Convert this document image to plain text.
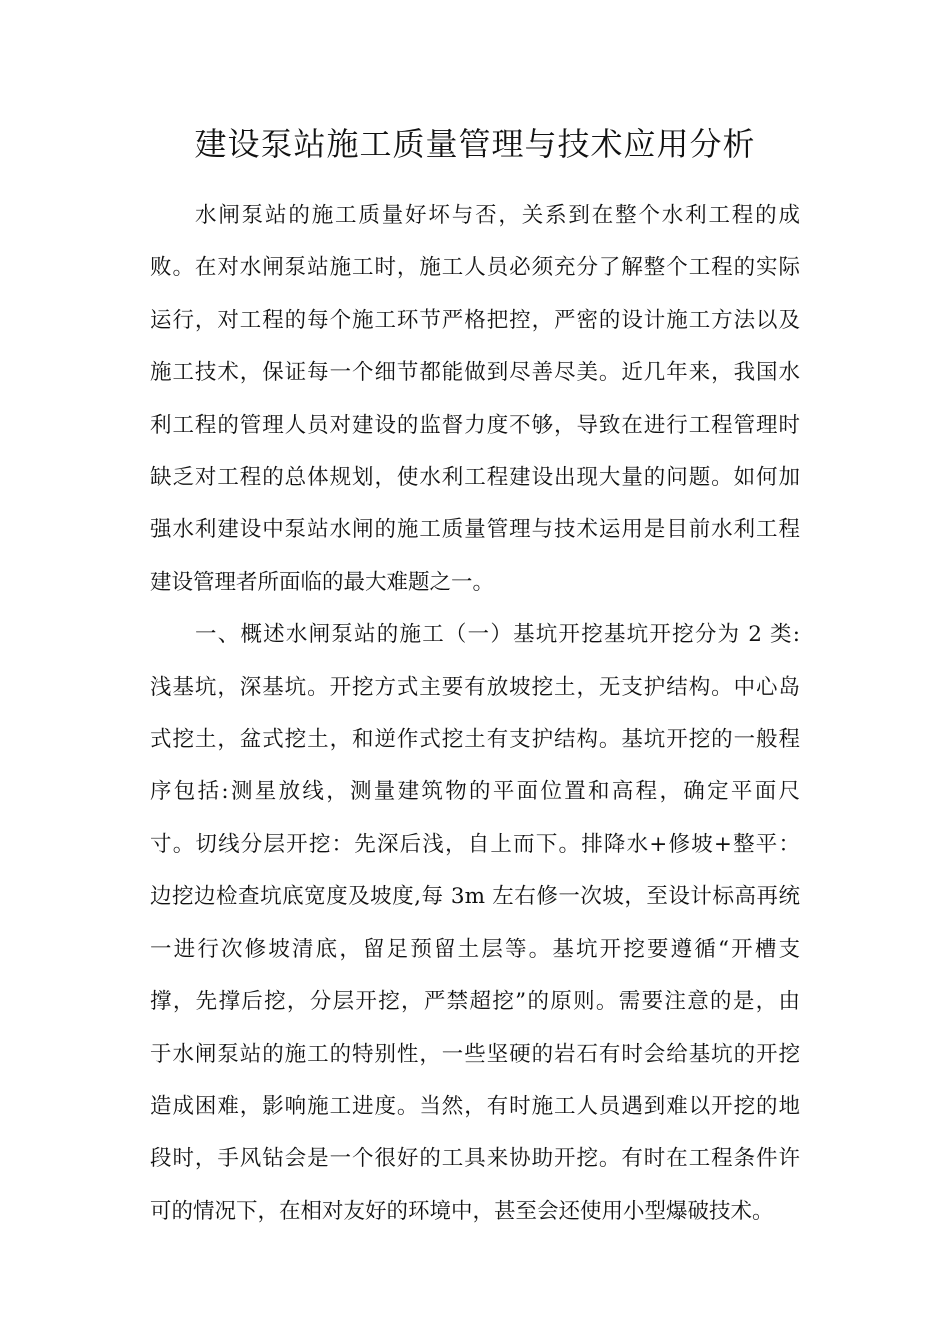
建设泵站施工质量管理与技术应用分析

水闸泵站的施工质量好坏与否，关系到在整个水利工程的成
败。在对水闸泵站施工时，施工人员必须充分了解整个工程的实际
运行，对工程的每个施工环节严格把控，严密的设计施工方法以及
施工技术，保证每一个细节都能做到尽善尽美。近几年来，我国水
利工程的管理人员对建设的监督力度不够，导致在进行工程管理时
缺乏对工程的总体规划，使水利工程建设出现大量的问题。如何加
强水利建设中泵站水闸的施工质量管理与技术运用是目前水利工程
建设管理者所面临的最大难题之一。

一、概述水闸泵站的施工（一）基坑开挖基坑开挖分为 2 类:
浅基坑，深基坑。开挖方式主要有放坡挖土，无支护结构。中心岛
式挖土，盆式挖土，和逆作式挖土有支护结构。基坑开挖的一般程
序包括:测星放线，测量建筑物的平面位置和高程，确定平面尺
寸。切线分层开挖：先深后浅，自上而下。排降水+修坡+整平：
边挖边检查坑底宽度及坡度,每 3m 左右修一次坡，至设计标高再统
一进行次修坡清底，留足预留土层等。基坑开挖要遵循“开槽支
撑，先撑后挖，分层开挖，严禁超挖”的原则。需要注意的是，由
于水闸泵站的施工的特别性，一些坚硬的岩石有时会给基坑的开挖
造成困难，影响施工进度。当然，有时施工人员遇到难以开挖的地
段时，手风钻会是一个很好的工具来协助开挖。有时在工程条件许
可的情况下，在相对友好的环境中，甚至会还使用小型爆破技术。
